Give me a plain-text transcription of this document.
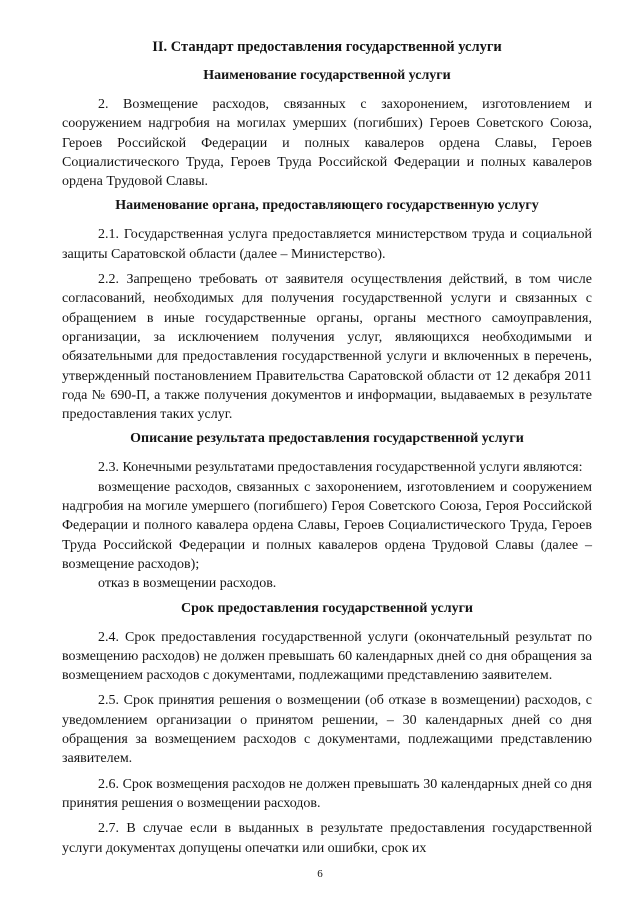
II. Стандарт предоставления государственной услуги
Наименование государственной услуги

2. Возмещение расходов, связанных с захоронением, изготовлением и сооружением надгробия на могилах умерших (погибших) Героев Советского Союза, Героев Российской Федерации и полных кавалеров ордена Славы, Героев Социалистического Труда, Героев Труда Российской Федерации и полных кавалеров ордена Трудовой Славы.

Наименование органа, предоставляющего государственную услугу

2.1. Государственная услуга предоставляется министерством труда и социальной защиты Саратовской области (далее – Министерство).

2.2. Запрещено требовать от заявителя осуществления действий, в том числе согласований, необходимых для получения государственной услуги и связанных с обращением в иные государственные органы, органы местного самоуправления, организации, за исключением получения услуг, являющихся необходимыми и обязательными для предоставления государственной услуги и включенных в перечень, утвержденный постановлением Правительства Саратовской области от 12 декабря 2011 года № 690-П, а также получения документов и информации, выдаваемых в результате предоставления таких услуг.

Описание результата предоставления государственной услуги

2.3. Конечными результатами предоставления государственной услуги являются:

возмещение расходов, связанных с захоронением, изготовлением и сооружением надгробия на могиле умершего (погибшего) Героя Советского Союза, Героя Российской Федерации и полного кавалера ордена Славы, Героев Социалистического Труда, Героев Труда Российской Федерации и полных кавалеров ордена Трудовой Славы (далее – возмещение расходов);

отказ в возмещении расходов.

Срок предоставления государственной услуги

2.4. Срок предоставления государственной услуги (окончательный результат по возмещению расходов) не должен превышать 60 календарных дней со дня обращения за возмещением расходов с документами, подлежащими представлению заявителем.

2.5. Срок принятия решения о возмещении (об отказе в возмещении) расходов, с уведомлением организации о принятом решении, – 30 календарных дней со дня обращения за возмещением расходов с документами, подлежащими представлению заявителем.

2.6. Срок возмещения расходов не должен превышать 30 календарных дней со дня принятия решения о возмещении расходов.

2.7. В случае если в выданных в результате предоставления государственной услуги документах допущены опечатки или ошибки, срок их

6
